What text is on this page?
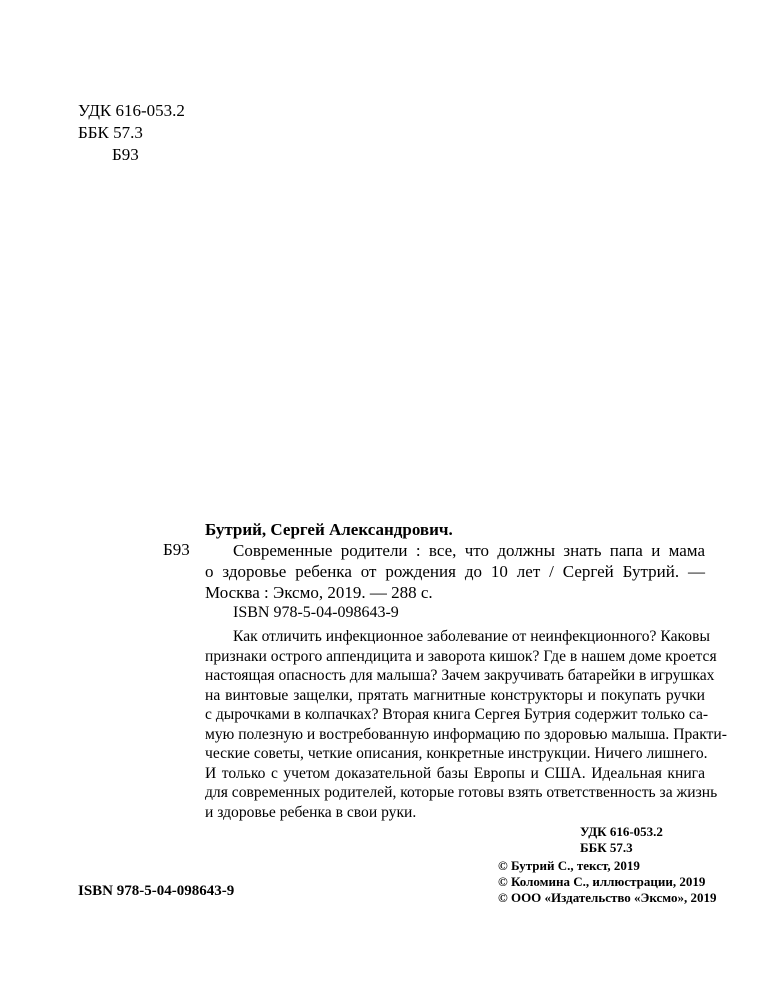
УДК 616-053.2
ББК 57.3
Б93
Бутрий, Сергей Александрович.
Б93	Современные родители : все, что должны знать папа и мама
о здоровье ребенка от рождения до 10 лет / Сергей Бутрий. —
Москва : Эксмо, 2019. — 288 с.
ISBN 978-5-04-098643-9
Как отличить инфекционное заболевание от неинфекционного? Каковы
признаки острого аппендицита и заворота кишок? Где в нашем доме кроется
настоящая опасность для малыша? Зачем закручивать батарейки в игрушках
на винтовые защелки, прятать магнитные конструкторы и покупать ручки
с дырочками в колпачках? Вторая книга Сергея Бутрия содержит только са-
мую полезную и востребованную информацию по здоровью малыша. Практи-
ческие советы, четкие описания, конкретные инструкции. Ничего лишнего.
И только с учетом доказательной базы Европы и США. Идеальная книга
для современных родителей, которые готовы взять ответственность за жизнь
и здоровье ребенка в свои руки.
УДК 616-053.2
ББК 57.3
© Бутрий С., текст, 2019
© Коломина С., иллюстрации, 2019
© ООО «Издательство «Эксмо», 2019
ISBN 978-5-04-098643-9
